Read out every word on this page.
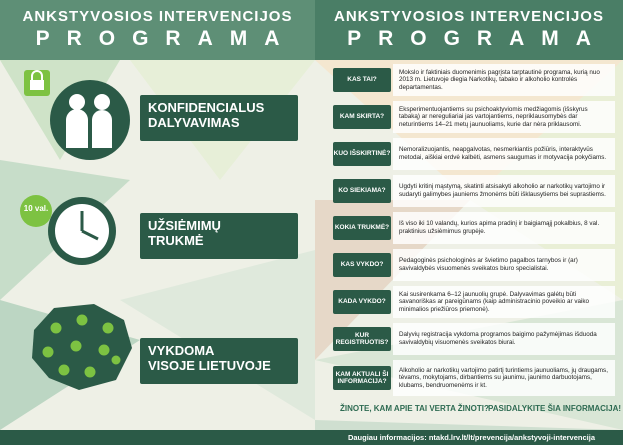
ANKSTYVOSIOS INTERVENCIJOS
PROGRAMA
ANKSTYVOSIOS INTERVENCIJOS
PROGRAMA
10 val.
KONFIDENCIALUS
DALYVAVIMAS
UŽSIĖMIMŲ
TRUKMĖ
VYKDOMA
VISOJE LIETUVOJE
KAS TAI?
Mokslo ir faktiniais duomenimis pagrįsta tarptautinė programa, kurią nuo 2013 m. Lietuvoje diegia Narkotikų, tabako ir alkoholio kontrolės departamentas.
KAM SKIRTA?
Eksperimentuojantiems su psichoaktyviomis medžiagomis (išskyrus tabaką) ar nereguliariai jas vartojantiems, nepriklausomybės dar neturintiems 14–21 metų jaunuoliams, kurie dar nėra priklausomi.
KUO IŠSKIRTINĖ?
Nemoralizuojantis, neapgalvotas, nesmerkiantis požiūris, interaktyvūs metodai, aiškiai erdvė kalbėti, asmens saugumas ir motyvacija pokyčiams.
KO SIEKIAMA?
Ugdyti kritinį mąstymą, skatinti atsisakyti alkoholio ar narkotikų vartojimo ir sudaryti galimybes jauniems žmonėms būti išklausytiems bei suprastiems.
KOKIA TRUKMĖ?
Iš viso iki 10 valandų, kurios apima pradinį ir baigiamąjį pokalbius, 8 val. praktinius užsiėmimus grupėje.
KAS VYKDO?
Pedagoginės psichologinės ar švietimo pagalbos tarnybos ir (ar) savivaldybės visuomenės sveikatos biuro specialistai.
KADA VYKDO?
Kai susirenkama 6–12 jaunuolių grupė. Dalyvavimas galėtų būti savanoriškas ar pareigūnams (kaip administracinio poveikio ar vaiko minimalios priežiūros priemonė).
KUR REGISTRUOTIS?
Dalyvių registracija vykdoma programos baigimo pažymėjimas išduoda savivaldybių visuomenės sveikatos biurai.
KAM AKTUALI ŠI INFORMACIJA?
Alkoholio ar narkotikų vartojimo patirtį turintiems jaunuoliams, jų draugams, tėvams, mokytojams, dirbantiems su jaunimu, jaunimo darbuotojams, klubams, bendruomenėms ir kt.
ŽINOTE, KAM APIE TAI VERTA ŽINOTI? PASIDALYKITE ŠIA INFORMACIJA!
Daugiau informacijos: ntakd.lrv.lt/lt/prevencija/ankstyvoji-intervencija
